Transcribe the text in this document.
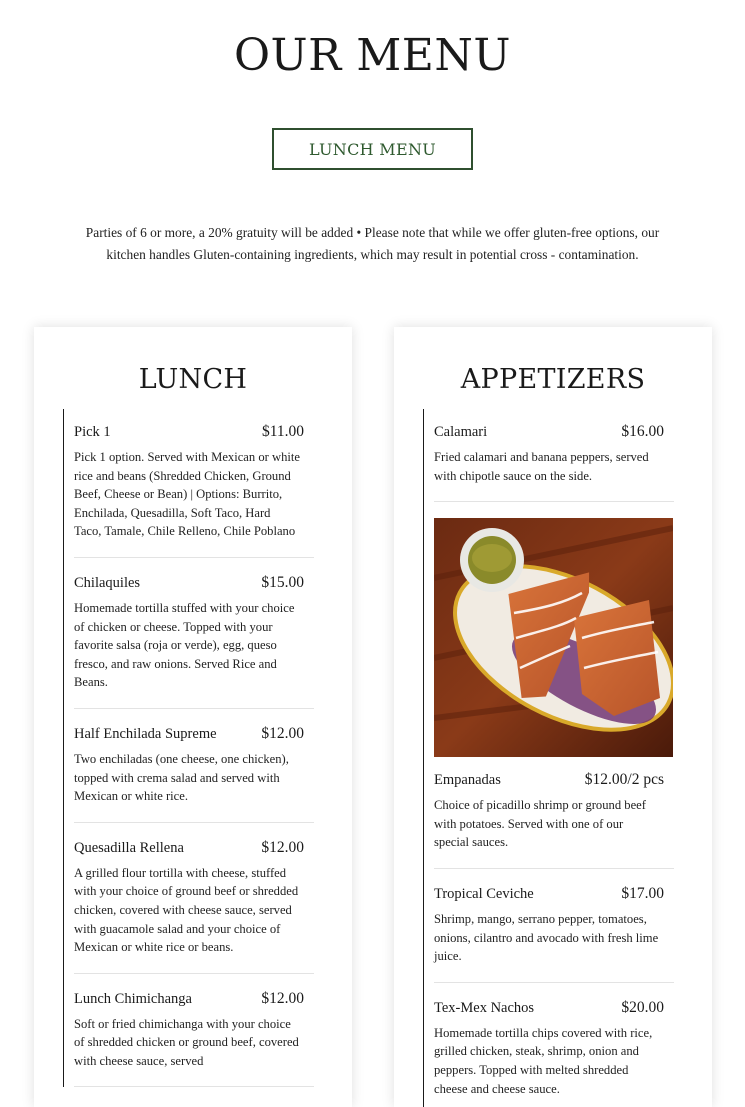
OUR MENU
LUNCH MENU
Parties of 6 or more, a 20% gratuity will be added • Please note that while we offer gluten-free options, our kitchen handles Gluten-containing ingredients, which may result in potential cross - contamination.
LUNCH
Pick 1	$11.00
Pick 1 option. Served with Mexican or white rice and beans (Shredded Chicken, Ground Beef, Cheese or Bean) | Options: Burrito, Enchilada, Quesadilla, Soft Taco, Hard Taco, Tamale, Chile Relleno, Chile Poblano
Chilaquiles	$15.00
Homemade tortilla stuffed with your choice of chicken or cheese. Topped with your favorite salsa (roja or verde), egg, queso fresco, and raw onions. Served Rice and Beans.
Half Enchilada Supreme	$12.00
Two enchiladas (one cheese, one chicken), topped with crema salad and served with Mexican or white rice.
Quesadilla Rellena	$12.00
A grilled flour tortilla with cheese, stuffed with your choice of ground beef or shredded chicken, covered with cheese sauce, served with guacamole salad and your choice of Mexican or white rice or beans.
Lunch Chimichanga	$12.00
Soft or fried chimichanga with your choice of shredded chicken or ground beef, covered with cheese sauce, served
APPETIZERS
Calamari	$16.00
Fried calamari and banana peppers, served with chipotle sauce on the side.
Empanadas	$12.00/2 pcs
Choice of picadillo shrimp or ground beef with potatoes. Served with one of our special sauces.
Tropical Ceviche	$17.00
Shrimp, mango, serrano pepper, tomatoes, onions, cilantro and avocado with fresh lime juice.
Tex-Mex Nachos	$20.00
Homemade tortilla chips covered with rice, grilled chicken, steak, shrimp, onion and peppers. Topped with melted shredded cheese and cheese sauce.
